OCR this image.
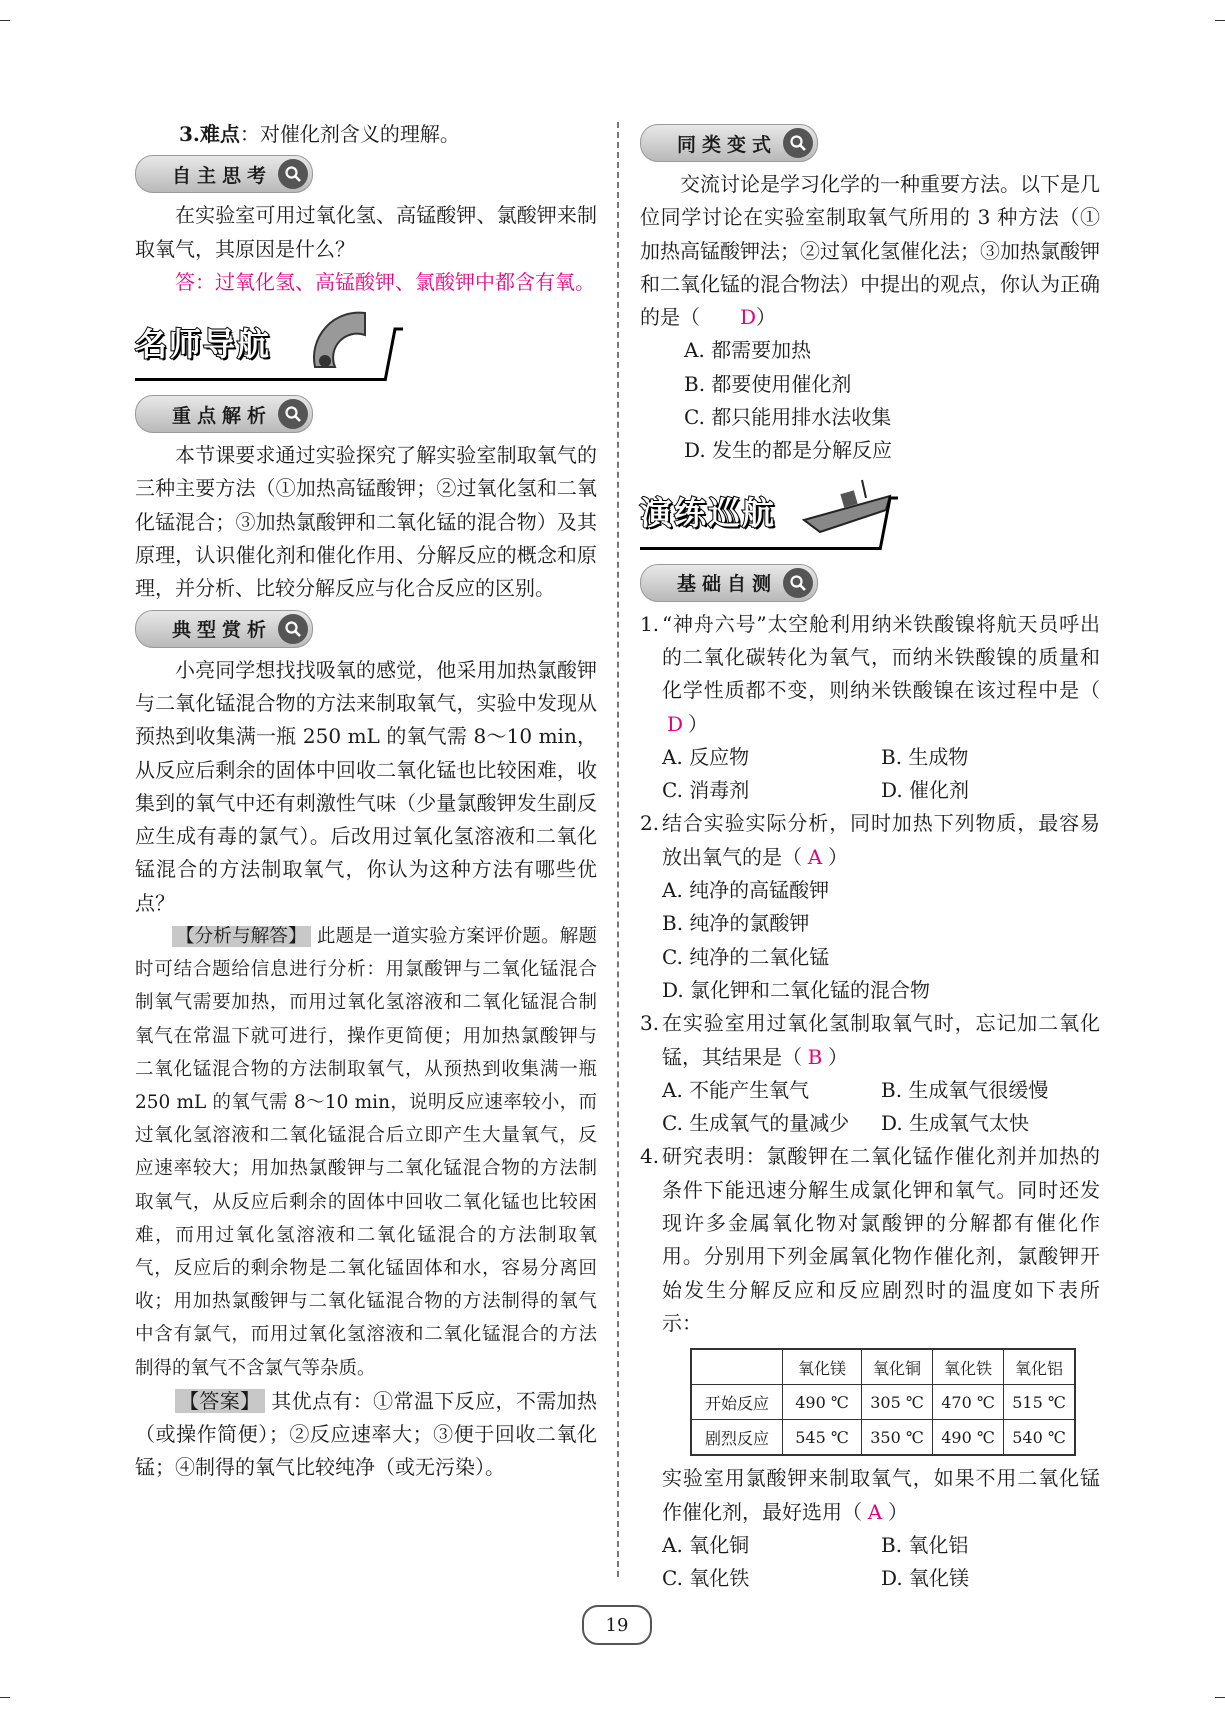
3.难点：对催化剂含义的理解。

自主思考

在实验室可用过氧化氢、高锰酸钾、氯酸钾来制取氧气，其原因是什么？

答：过氧化氢、高锰酸钾、氯酸钾中都含有氧。

名师导航
重点解析

本节课要求通过实验探究了解实验室制取氧气的三种主要方法（①加热高锰酸钾；②过氧化氢和二氧化锰混合；③加热氯酸钾和二氧化锰的混合物）及其原理，认识催化剂和催化作用、分解反应的概念和原理，并分析、比较分解反应与化合反应的区别。

典型赏析

小亮同学想找找吸氧的感觉，他采用加热氯酸钾与二氧化锰混合物的方法来制取氧气，实验中发现从预热到收集满一瓶 250 mL 的氧气需 8～10 min，从反应后剩余的固体中回收二氧化锰也比较困难，收集到的氧气中还有刺激性气味（少量氯酸钾发生副反应生成有毒的氯气）。后改用过氧化氢溶液和二氧化锰混合的方法制取氧气，你认为这种方法有哪些优点？

【分析与解答】 此题是一道实验方案评价题。解题时可结合题给信息进行分析：用氯酸钾与二氧化锰混合制氧气需要加热，而用过氧化氢溶液和二氧化锰混合制氧气在常温下就可进行，操作更简便；用加热氯酸钾与二氧化锰混合物的方法制取氧气，从预热到收集满一瓶 250 mL 的氧气需 8～10 min，说明反应速率较小，而过氧化氢溶液和二氧化锰混合后立即产生大量氧气，反应速率较大；用加热氯酸钾与二氧化锰混合物的方法制取氧气，从反应后剩余的固体中回收二氧化锰也比较困难，而用过氧化氢溶液和二氧化锰混合的方法制取氧气，反应后的剩余物是二氧化锰固体和水，容易分离回收；用加热氯酸钾与二氧化锰混合物的方法制得的氧气中含有氯气，而用过氧化氢溶液和二氧化锰混合的方法制得的氧气不含氯气等杂质。

【答案】 其优点有：①常温下反应，不需加热（或操作简便）；②反应速率大；③便于回收二氧化锰；④制得的氧气比较纯净（或无污染）。

同类变式

交流讨论是学习化学的一种重要方法。以下是几位同学讨论在实验室制取氧气所用的 3 种方法（①加热高锰酸钾法；②过氧化氢催化法；③加热氯酸钾和二氧化锰的混合物法）中提出的观点，你认为正确的是（ D）

A. 都需要加热

B. 都要使用催化剂

C. 都只能用排水法收集

D. 发生的都是分解反应

演练巡航
基础自测
1. “神舟六号”太空舱利用纳米铁酸镍将航天员呼出的二氧化碳转化为氧气，而纳米铁酸镍的质量和化学性质都不变，则纳米铁酸镍在该过程中是（D ）
A. 反应物	B. 生成物
C. 消毒剂	D. 催化剂
2. 结合实验实际分析，同时加热下列物质，最容易放出氧气的是（ A ）

A. 纯净的高锰酸钾

B. 纯净的氯酸钾

C. 纯净的二氧化锰

D. 氯化钾和二氧化锰的混合物

3. 在实验室用过氧化氢制取氧气时，忘记加二氧化锰，其结果是（ B ）
A. 不能产生氧气	B. 生成氧气很缓慢
C. 生成氧气的量减少	D. 生成氧气太快
4. 研究表明：氯酸钾在二氧化锰作催化剂并加热的条件下能迅速分解生成氯化钾和氧气。同时还发现许多金属氧化物对氯酸钾的分解都有催化作用。分别用下列金属氧化物作催化剂，氯酸钾开始发生分解反应和反应剧烈时的温度如下表所示：
	氧化镁	氧化铜	氧化铁	氧化铝
开始反应	490 ℃	305 ℃	470 ℃	515 ℃
剧烈反应	545 ℃	350 ℃	490 ℃	540 ℃

实验室用氯酸钾来制取氧气，如果不用二氧化锰作催化剂，最好选用（ A ）

A. 氧化铜	B. 氧化铝
C. 氧化铁	D. 氧化镁
19
